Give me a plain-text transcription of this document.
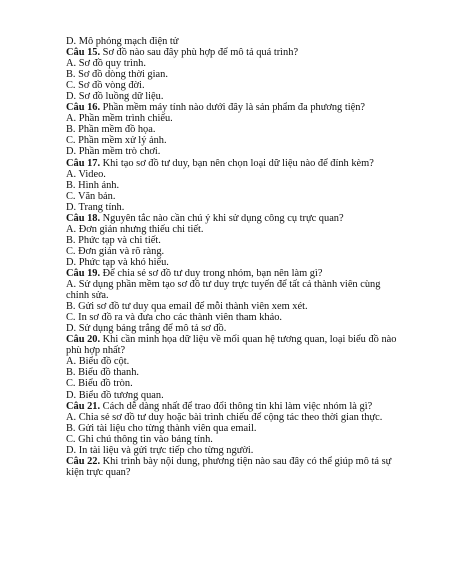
D. Mô phỏng mạch điện tử
Câu 15. Sơ đồ nào sau đây phù hợp để mô tả quá trình?
A. Sơ đồ quy trình.
B. Sơ đồ dòng thời gian.
C. Sơ đồ vòng đời.
D. Sơ đồ luồng dữ liệu.
Câu 16. Phần mềm máy tính nào dưới đây là sản phẩm đa phương tiện?
A. Phần mềm trình chiếu.
B. Phần mềm đồ họa.
C. Phần mềm xử lý ảnh.
D. Phần mềm trò chơi.
Câu 17. Khi tạo sơ đồ tư duy, bạn nên chọn loại dữ liệu nào để đính kèm?
A. Video.
B. Hình ảnh.
C. Văn bản.
D. Trang tính.
Câu 18. Nguyên tắc nào cần chú ý khi sử dụng công cụ trực quan?
A. Đơn giản nhưng thiếu chi tiết.
B. Phức tạp và chi tiết.
C. Đơn giản và rõ ràng.
D. Phức tạp và khó hiểu.
Câu 19. Để chia sẻ sơ đồ tư duy trong nhóm, bạn nên làm gì?
A. Sử dụng phần mềm tạo sơ đồ tư duy trực tuyến để tất cả thành viên cùng chỉnh sửa.
B. Gửi sơ đồ tư duy qua email để mỗi thành viên xem xét.
C. In sơ đồ ra và đưa cho các thành viên tham khảo.
D. Sử dụng bảng trắng để mô tả sơ đồ.
Câu 20. Khi cần minh họa dữ liệu về mối quan hệ tương quan, loại biểu đồ nào phù hợp nhất?
A. Biểu đồ cột.
B. Biểu đồ thanh.
C. Biểu đồ tròn.
D. Biểu đồ tương quan.
Câu 21. Cách dễ dàng nhất để trao đổi thông tin khi làm việc nhóm là gì?
A. Chia sẻ sơ đồ tư duy hoặc bài trình chiếu để cộng tác theo thời gian thực.
B. Gửi tài liệu cho từng thành viên qua email.
C. Ghi chú thông tin vào bảng tính.
D. In tài liệu và gửi trực tiếp cho từng người.
Câu 22. Khi trình bày nội dung, phương tiện nào sau đây có thể giúp mô tả sự kiện trực quan?
